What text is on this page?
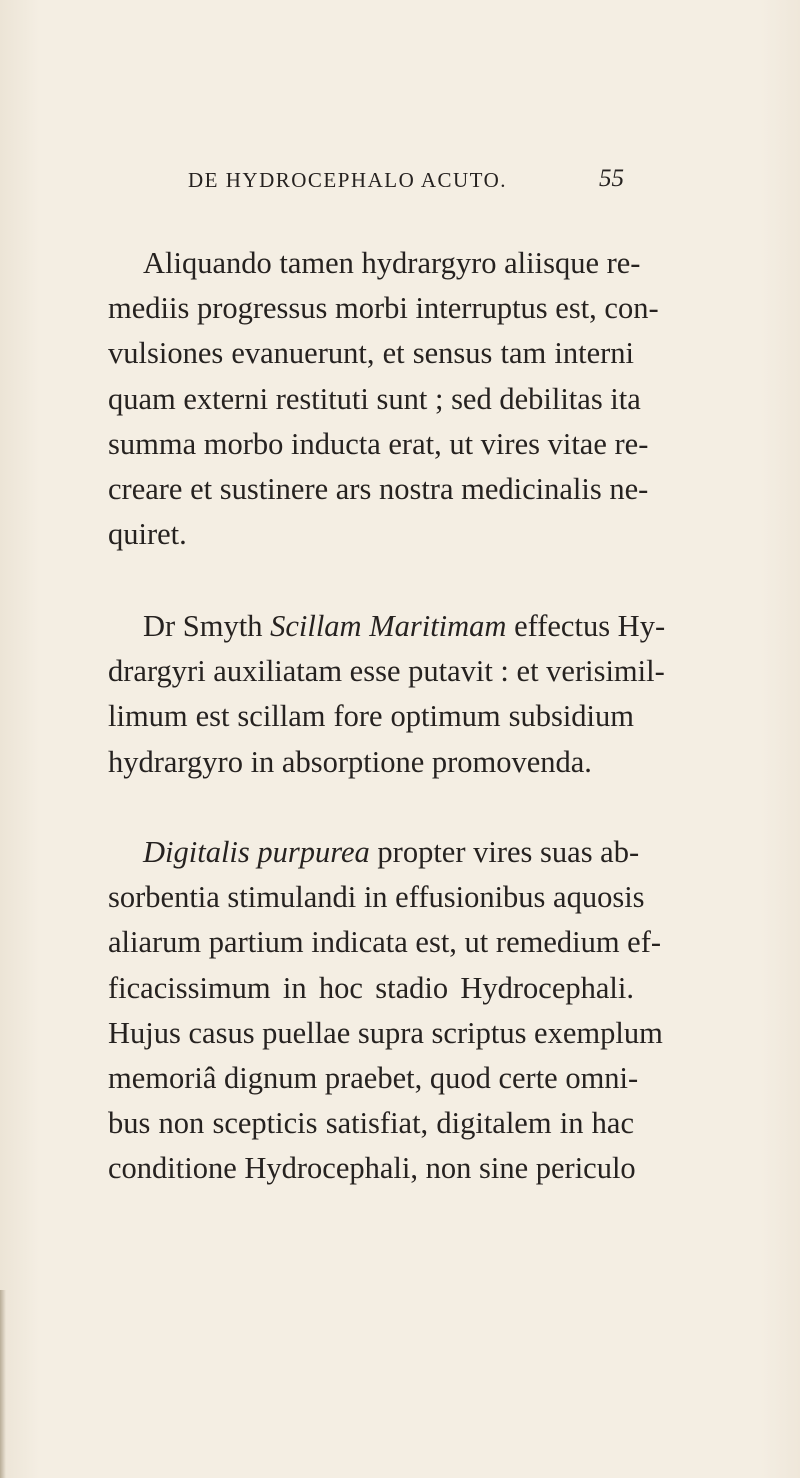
DE HYDROCEPHALO ACUTO.	55
Aliquando tamen hydrargyro aliisque re-
mediis progressus morbi interruptus est, con-
vulsiones evanuerunt, et sensus tam interni
quam externi restituti sunt ; sed debilitas ita
summa morbo inducta erat, ut vires vitae re-
creare et sustinere ars nostra medicinalis ne-
quiret.
Dr Smyth Scillam Maritimam effectus Hy-
drargyri auxiliatam esse putavit : et verisimil-
limum est scillam fore optimum subsidium
hydrargyro in absorptione promovenda.
Digitalis purpurea propter vires suas ab-
sorbentia stimulandi in effusionibus aquosis
aliarum partium indicata est, ut remedium ef-
ficacissimum in hoc stadio Hydrocephali.
Hujus casus puellae supra scriptus exemplum
memoriâ dignum praebet, quod certe omni-
bus non scepticis satisfiat, digitalem in hac
conditione Hydrocephali, non sine periculo
